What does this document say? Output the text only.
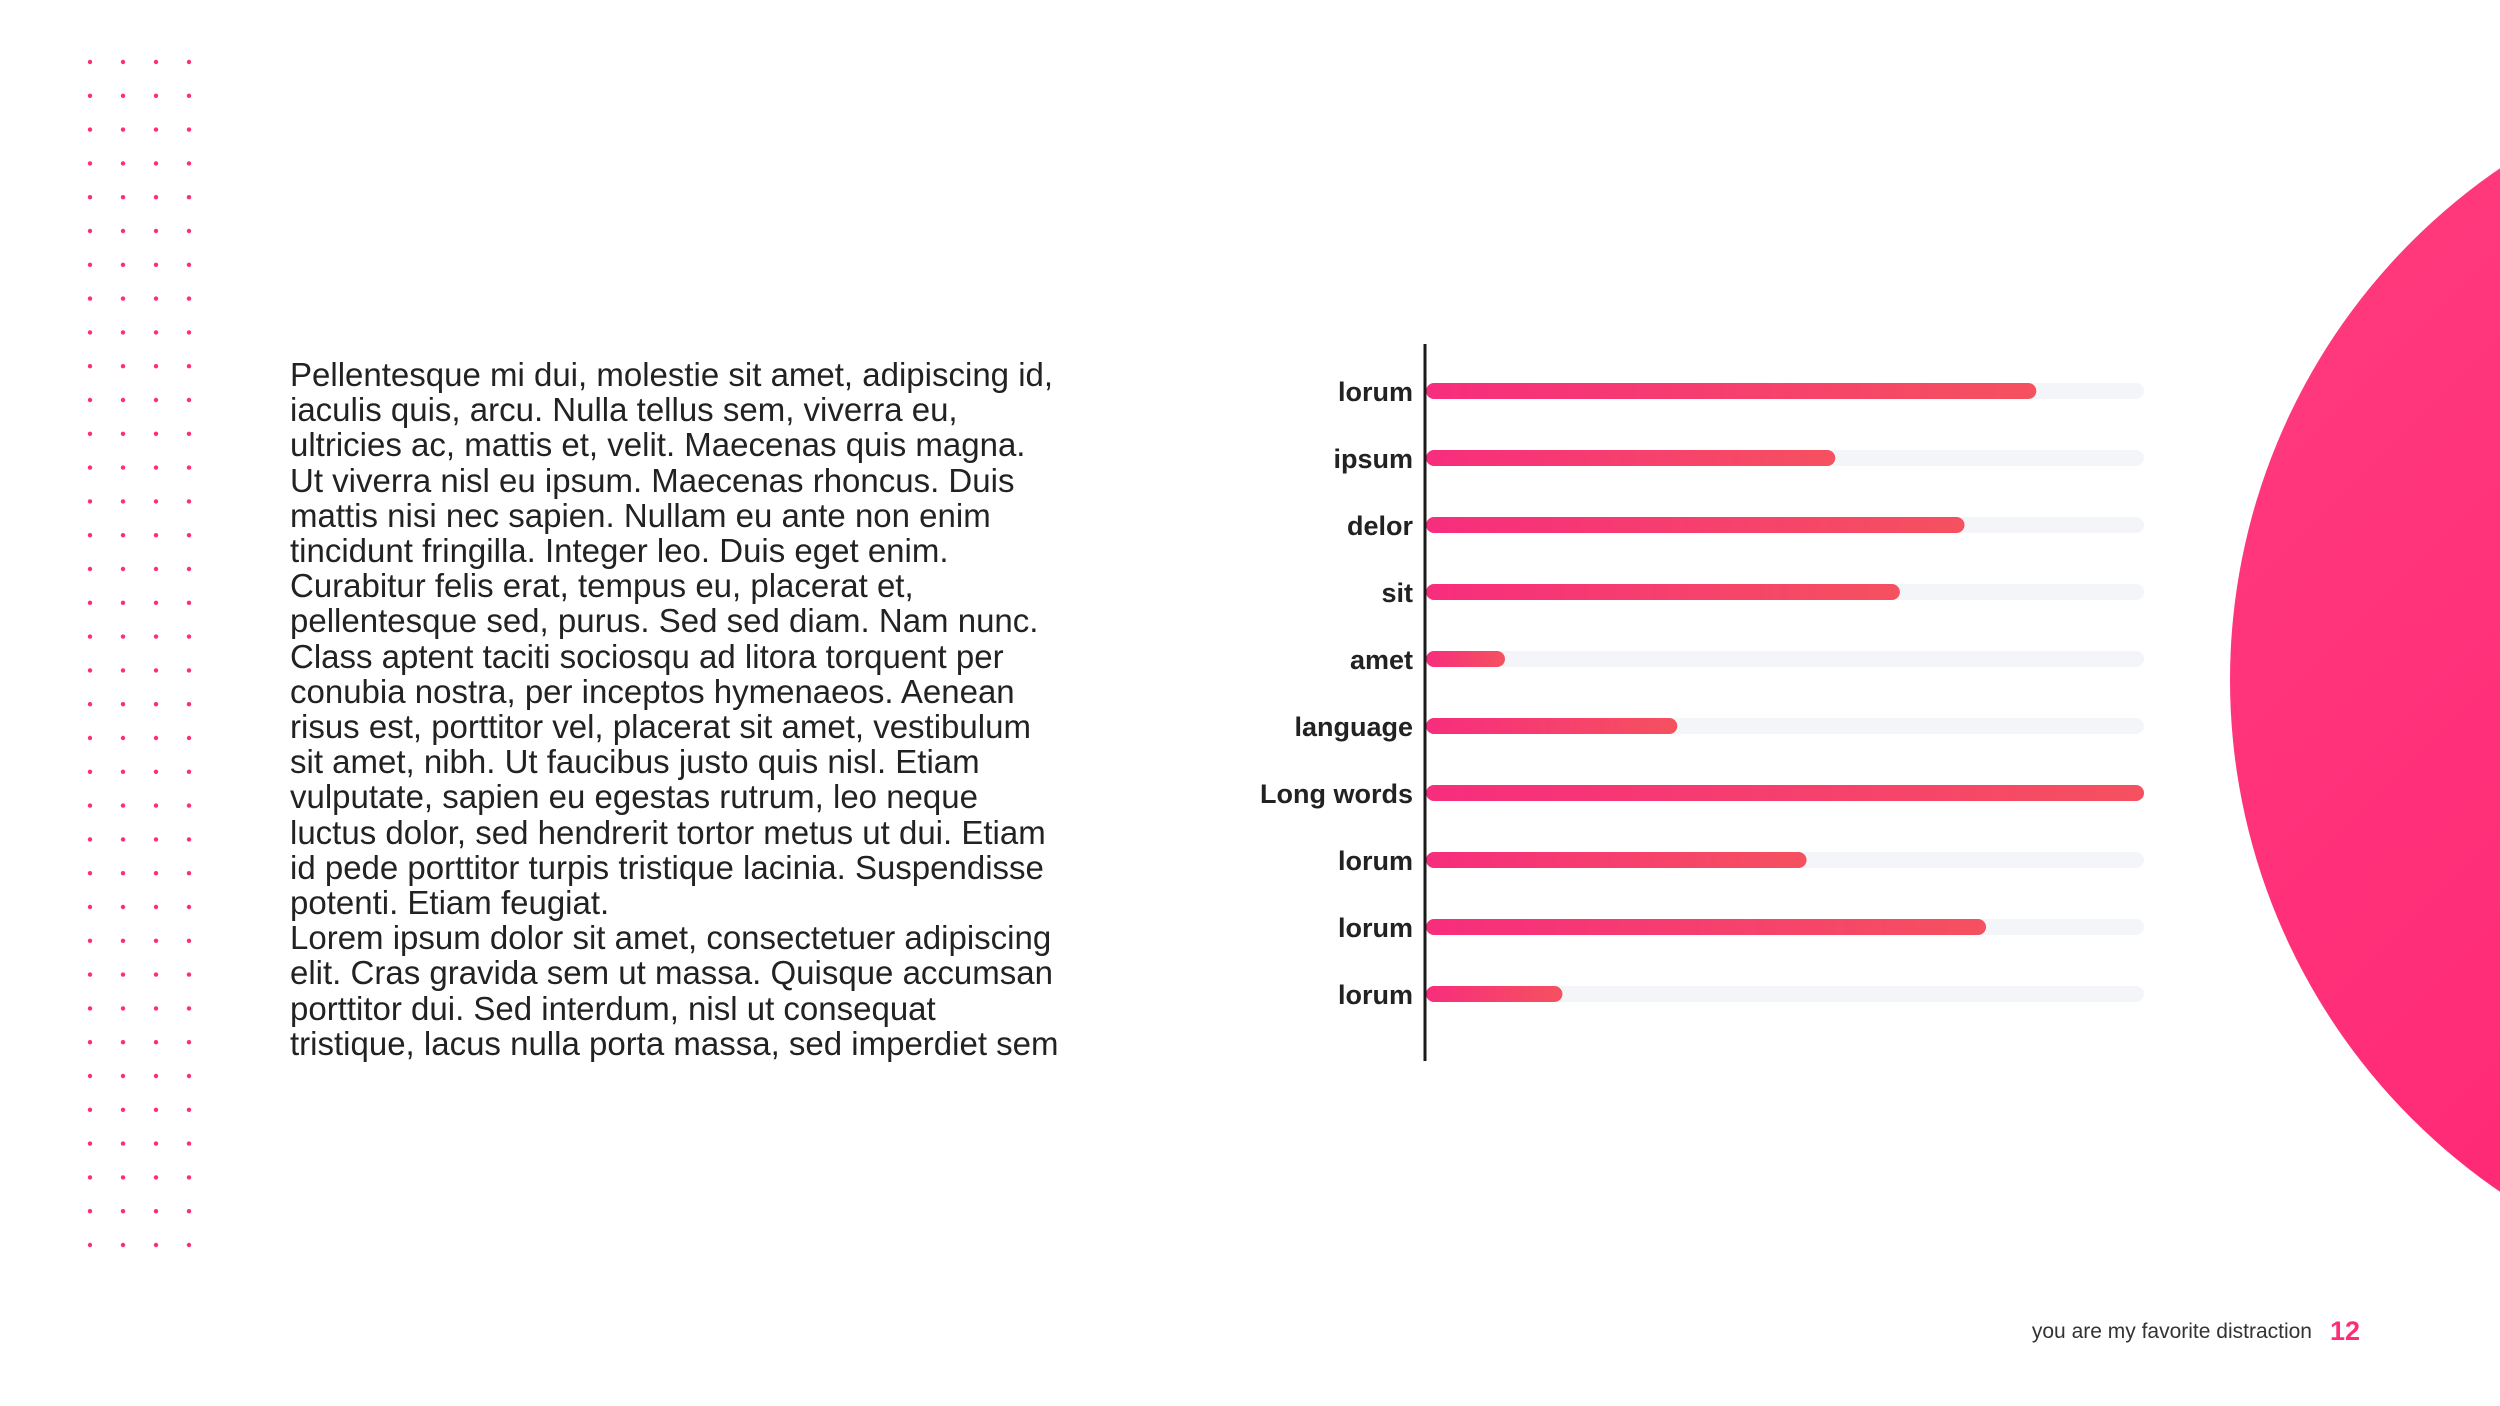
Pellentesque mi dui, molestie sit amet, adipiscing id,
iaculis quis, arcu. Nulla tellus sem, viverra eu,
ultricies ac, mattis et, velit. Maecenas quis magna.
Ut viverra nisl eu ipsum. Maecenas rhoncus. Duis
mattis nisi nec sapien. Nullam eu ante non enim
tincidunt fringilla. Integer leo. Duis eget enim.
Curabitur felis erat, tempus eu, placerat et,
pellentesque sed, purus. Sed sed diam. Nam nunc.
Class aptent taciti sociosqu ad litora torquent per
conubia nostra, per inceptos hymenaeos. Aenean
risus est, porttitor vel, placerat sit amet, vestibulum
sit amet, nibh. Ut faucibus justo quis nisl. Etiam
vulputate, sapien eu egestas rutrum, leo neque
luctus dolor, sed hendrerit tortor metus ut dui. Etiam
id pede porttitor turpis tristique lacinia. Suspendisse
potenti. Etiam feugiat.
Lorem ipsum dolor sit amet, consectetuer adipiscing
elit. Cras gravida sem ut massa. Quisque accumsan
porttitor dui. Sed interdum, nisl ut consequat
tristique, lacus nulla porta massa, sed imperdiet sem

lorum
ipsum
delor
sit
amet
language
Long words
lorum
lorum
lorum
you are my favorite distraction 12
